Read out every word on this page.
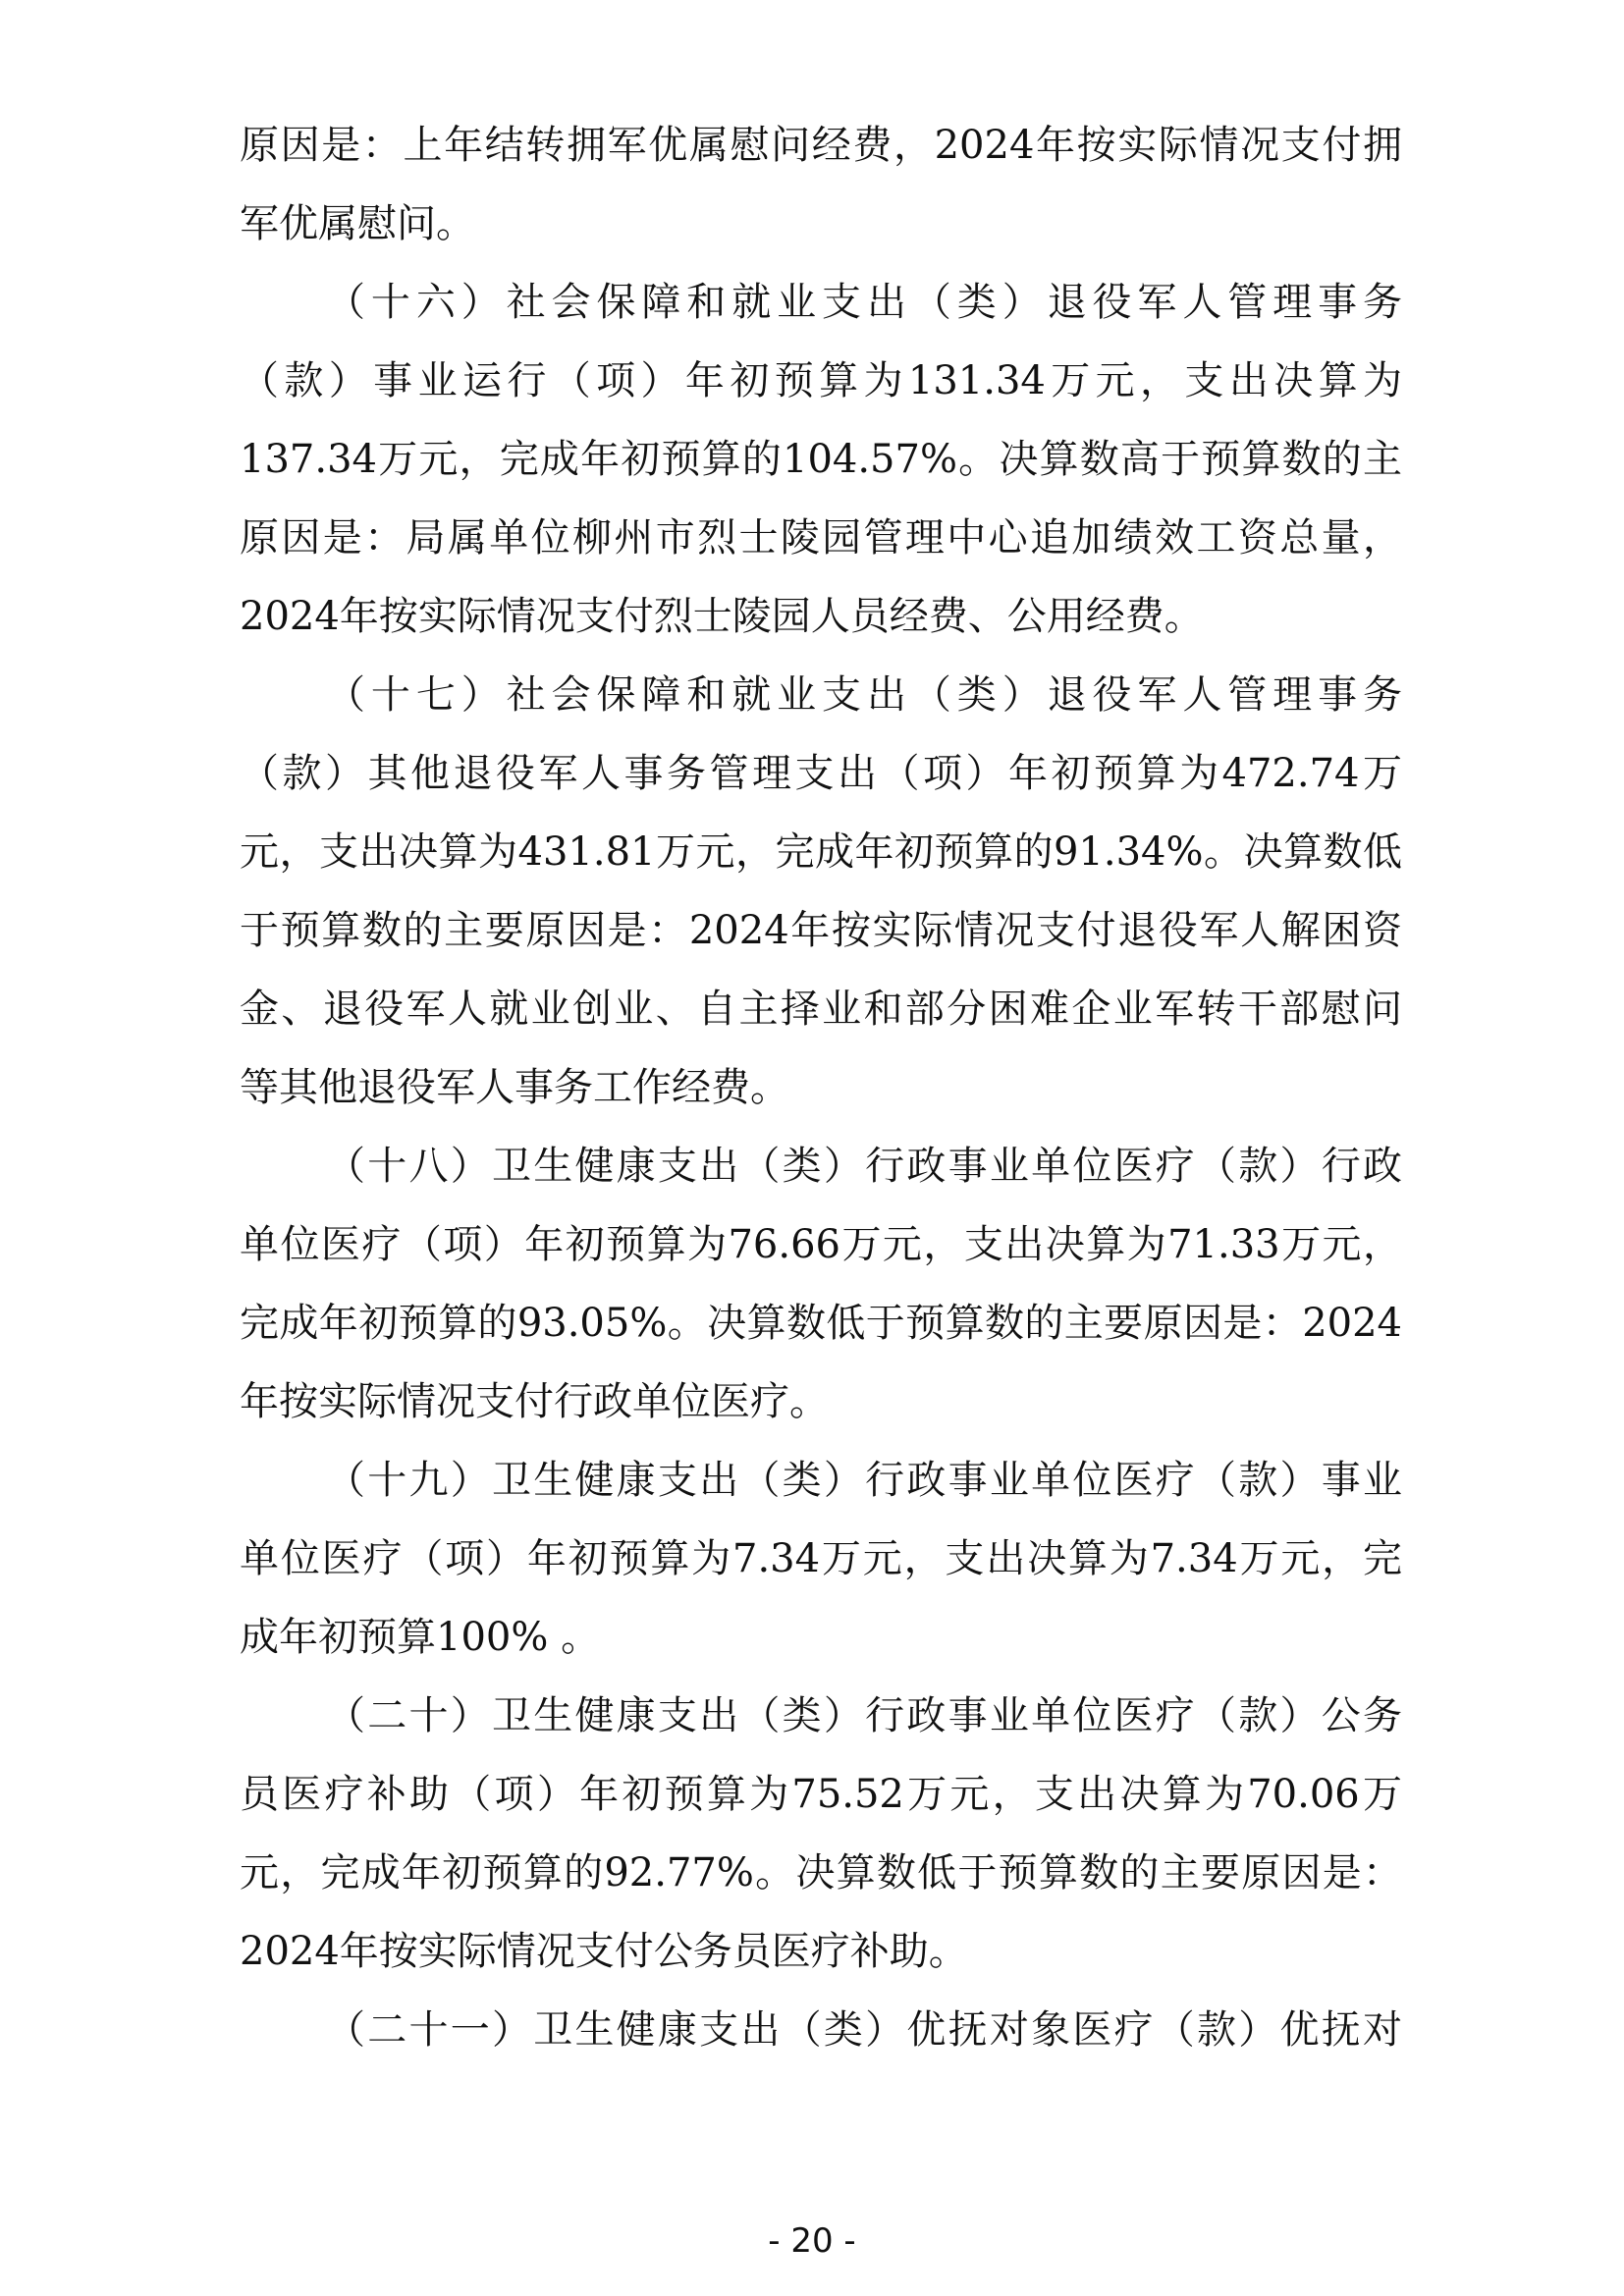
原因是：上年结转拥军优属慰问经费，2024年按实际情况支付拥
军优属慰问。
（十六）社会保障和就业支出（类）退役军人管理事务
（款）事业运行（项）年初预算为131.34万元，支出决算为
137.34万元，完成年初预算的104.57%。决算数高于预算数的主
原因是：局属单位柳州市烈士陵园管理中心追加绩效工资总量，
2024年按实际情况支付烈士陵园人员经费、公用经费。
（十七）社会保障和就业支出（类）退役军人管理事务
（款）其他退役军人事务管理支出（项）年初预算为472.74万
元，支出决算为431.81万元，完成年初预算的91.34%。决算数低
于预算数的主要原因是：2024年按实际情况支付退役军人解困资
金、退役军人就业创业、自主择业和部分困难企业军转干部慰问
等其他退役军人事务工作经费。
（十八）卫生健康支出（类）行政事业单位医疗（款）行政
单位医疗（项）年初预算为76.66万元，支出决算为71.33万元，
完成年初预算的93.05%。决算数低于预算数的主要原因是：2024
年按实际情况支付行政单位医疗。
（十九）卫生健康支出（类）行政事业单位医疗（款）事业
单位医疗（项）年初预算为7.34万元，支出决算为7.34万元，完
成年初预算100% 。
（二十）卫生健康支出（类）行政事业单位医疗（款）公务
员医疗补助（项）年初预算为75.52万元，支出决算为70.06万
元，完成年初预算的92.77%。决算数低于预算数的主要原因是：
2024年按实际情况支付公务员医疗补助。
（二十一）卫生健康支出（类）优抚对象医疗（款）优抚对
- 20 -
